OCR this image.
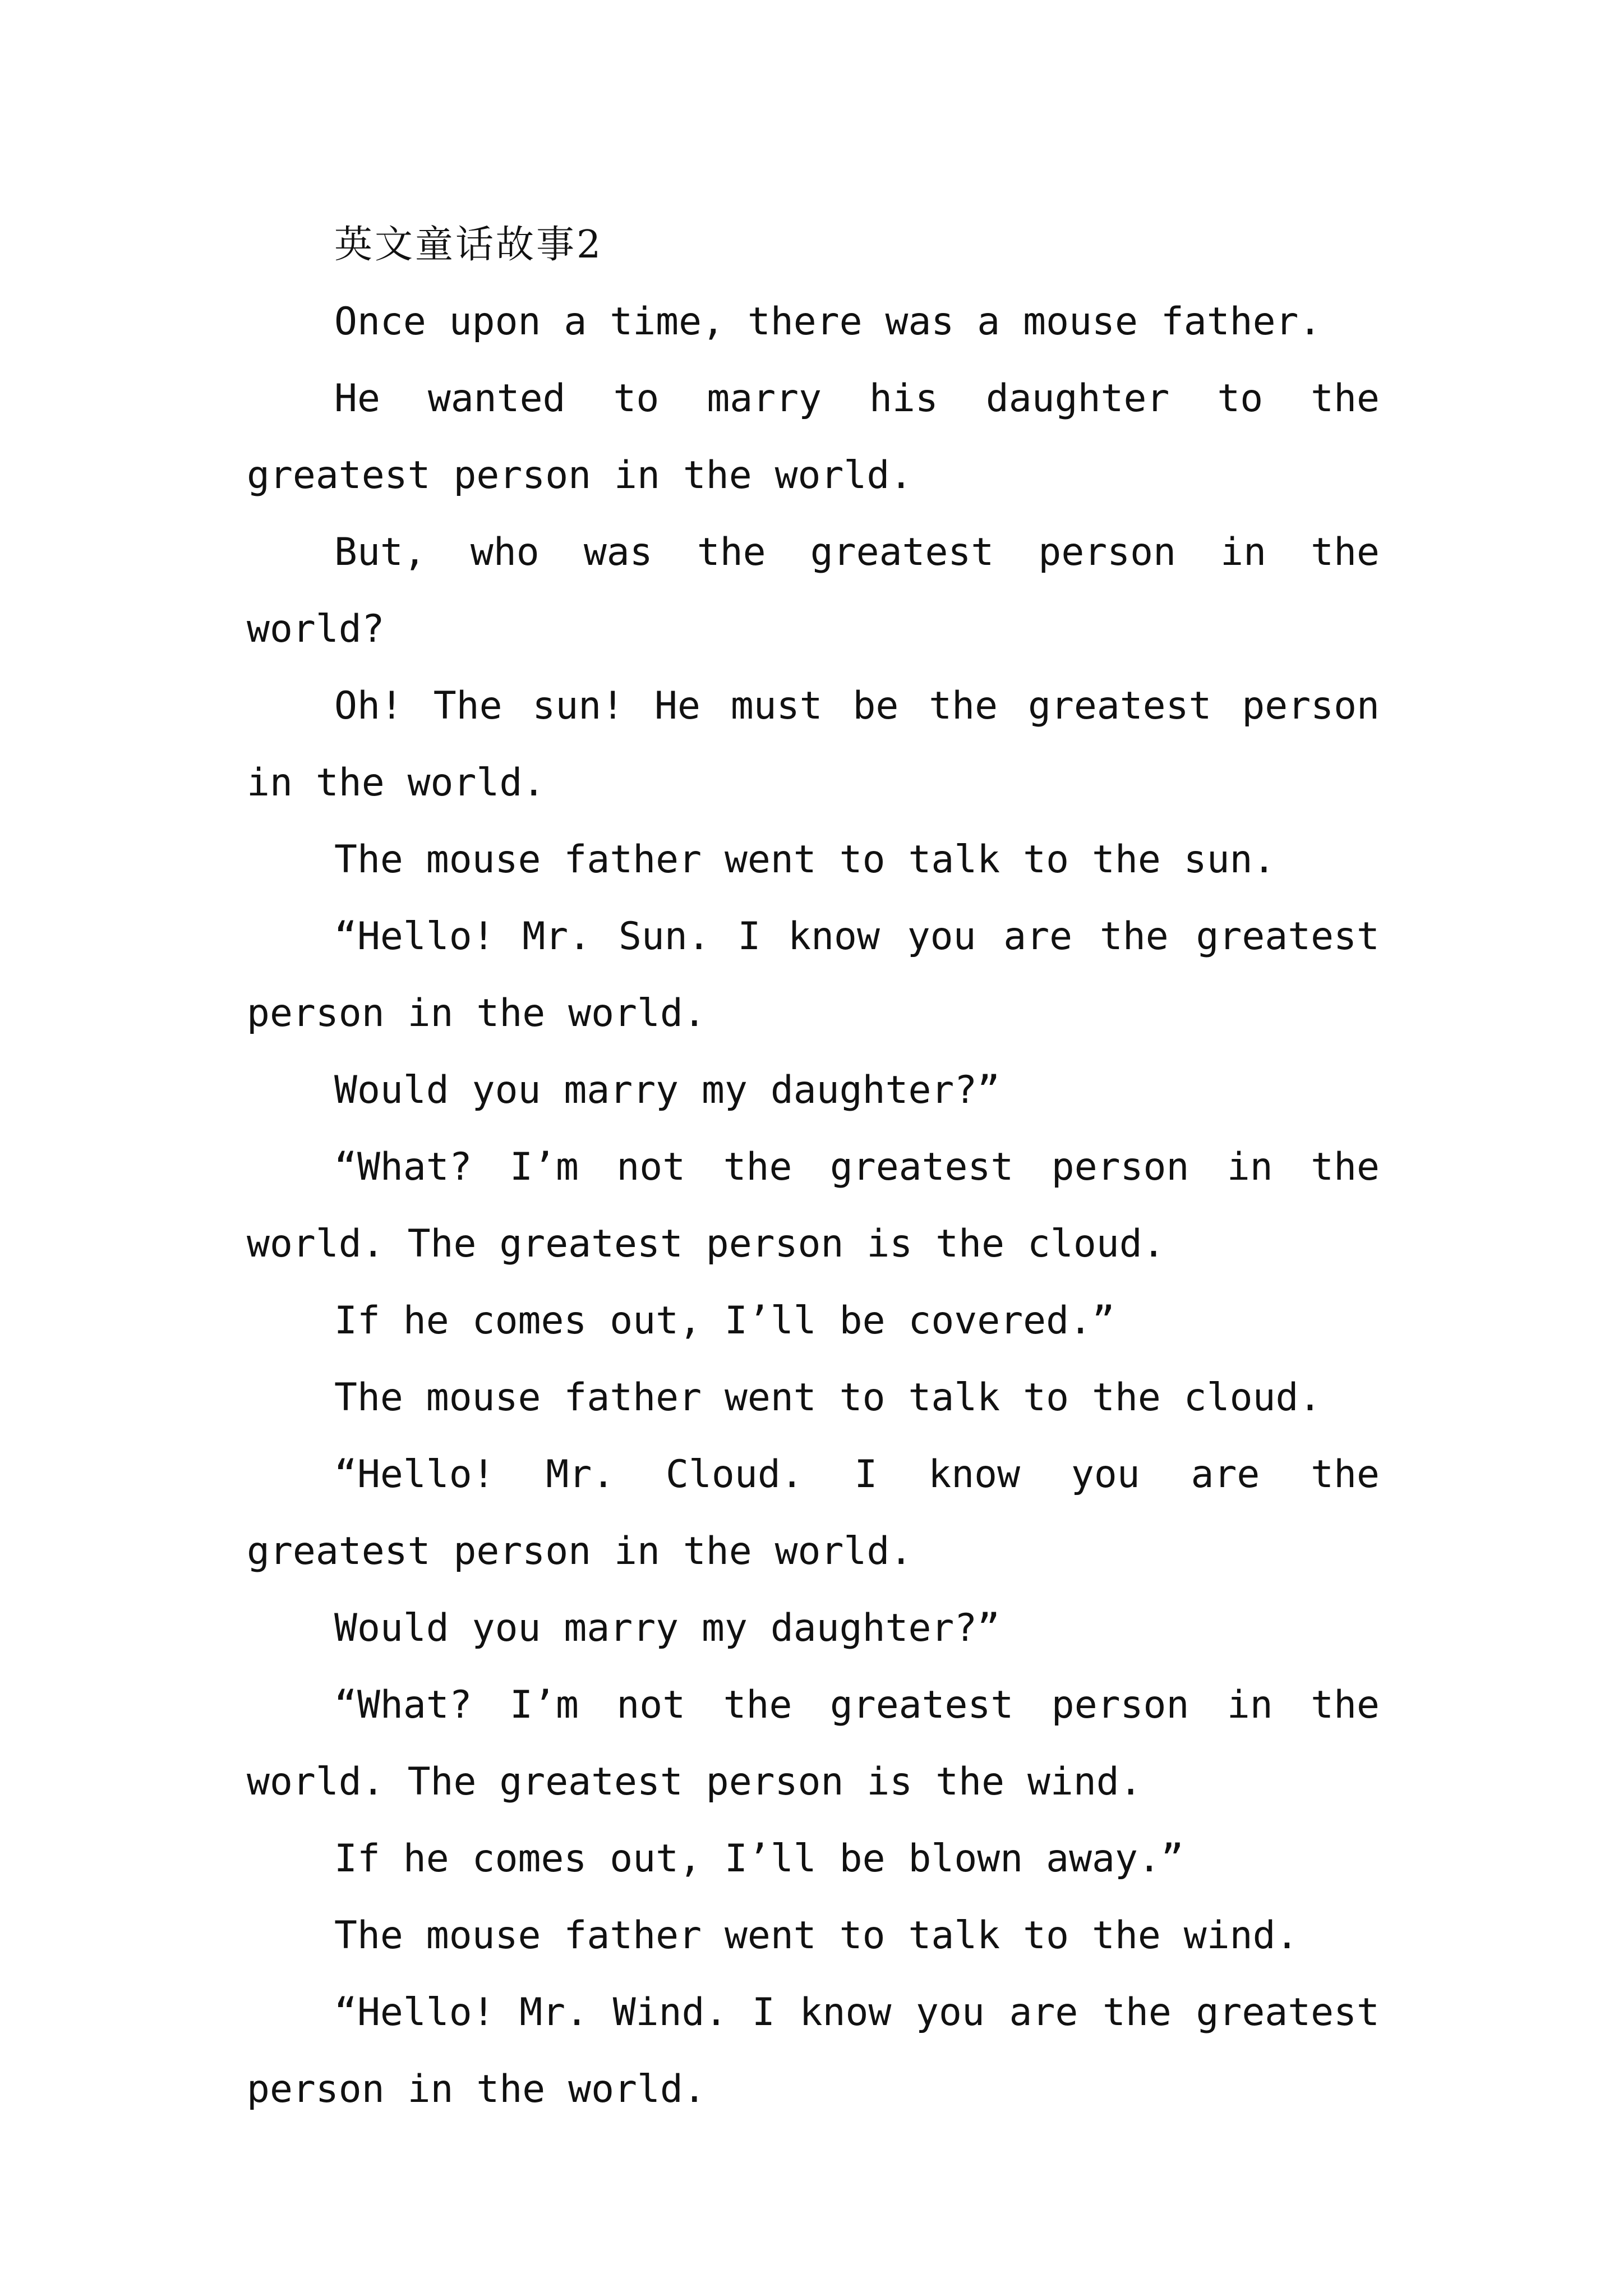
英文童话故事2

Once upon a time, there was a mouse father.

He wanted to marry his daughter to the greatest person in the world.

But, who was the greatest person in the world?

Oh! The sun! He must be the greatest person in the world.

The mouse father went to talk to the sun.

“Hello! Mr. Sun. I know you are the greatest person in the world.

Would you marry my daughter?”

“What? I’m not the greatest person in the world. The greatest person is the cloud.

If he comes out, I’ll be covered.”

The mouse father went to talk to the cloud.

“Hello! Mr. Cloud. I know you are the greatest person in the world.

Would you marry my daughter?”

“What? I’m not the greatest person in the world. The greatest person is the wind.

If he comes out, I’ll be blown away.”

The mouse father went to talk to the wind.

“Hello! Mr. Wind. I know you are the greatest person in the world.
